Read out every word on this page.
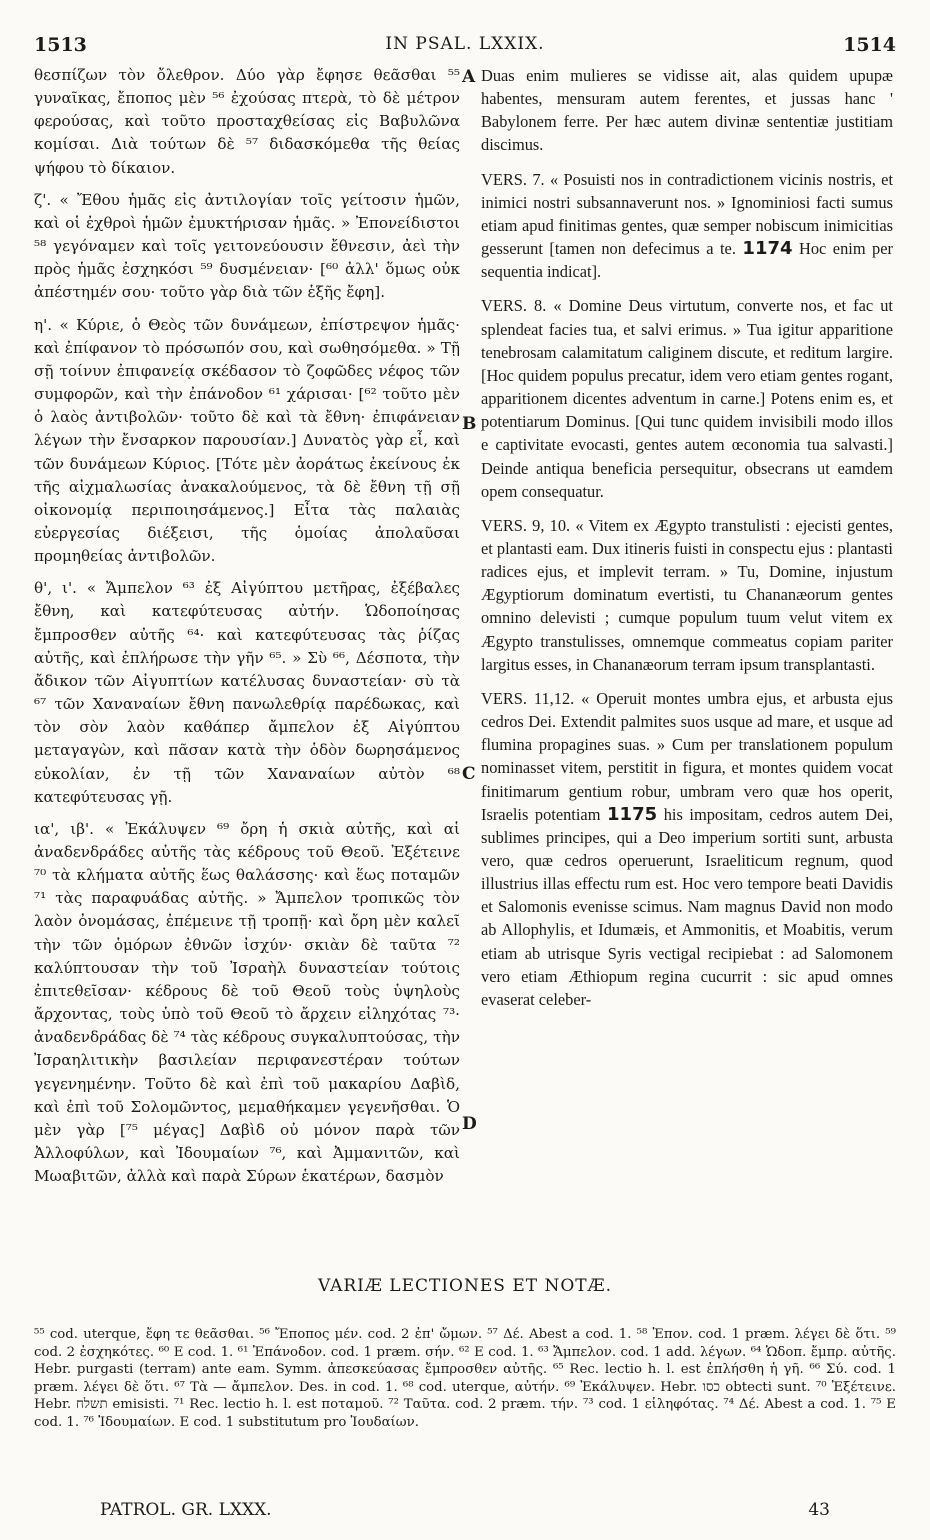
1513	IN PSAL. LXXIX.	1514

θεσπίζων τὸν ὄλεθρον. Δύο γὰρ ἔφησε θεᾶσθαι ⁵⁵ γυναῖκας, ἔποπος μὲν ⁵⁶ ἐχούσας πτερὰ, τὸ δὲ μέτρον φερούσας, καὶ τοῦτο προσταχθείσας εἰς Βαβυλῶνα κομίσαι. Διὰ τούτων δὲ ⁵⁷ διδασκόμεθα τῆς θείας ψήφου τὸ δίκαιον.

ζ'. « Ἔθου ἡμᾶς εἰς ἀντιλογίαν τοῖς γείτοσιν ἡμῶν, καὶ οἱ ἐχθροὶ ἡμῶν ἐμυκτήρισαν ἡμᾶς. » Ἐπονείδιστοι ⁵⁸ γεγόναμεν καὶ τοῖς γειτονεύουσιν ἔθνεσιν, ἀεὶ τὴν πρὸς ἡμᾶς ἐσχηκόσι ⁵⁹ δυσμένειαν· [⁶⁰ ἀλλ' ὅμως οὐκ ἀπέστημέν σου· τοῦτο γὰρ διὰ τῶν ἑξῆς ἔφη].

η'. « Κύριε, ὁ Θεὸς τῶν δυνάμεων, ἐπίστρεψον ἡμᾶς· καὶ ἐπίφανον τὸ πρόσωπόν σου, καὶ σωθησόμεθα. » Τῇ σῇ τοίνυν ἐπιφανείᾳ σκέδασον τὸ ζοφῶδες νέφος τῶν συμφορῶν, καὶ τὴν ἐπάνοδον ⁶¹ χάρισαι· [⁶² τοῦτο μὲν ὁ λαὸς ἀντιβολῶν· τοῦτο δὲ καὶ τὰ ἔθνη· ἐπιφάνειαν λέγων τὴν ἔνσαρκον παρουσίαν.] Δυνατὸς γὰρ εἶ, καὶ τῶν δυνάμεων Κύριος. [Τότε μὲν ἀοράτως ἐκείνους ἐκ τῆς αἰχμαλωσίας ἀνακαλούμενος, τὰ δὲ ἔθνη τῇ σῇ οἰκονομίᾳ περιποιησάμενος.] Εἶτα τὰς παλαιὰς εὐεργεσίας διέξεισι, τῆς ὁμοίας ἀπολαῦσαι προμηθείας ἀντιβολῶν.

θ', ι'. « Ἄμπελον ⁶³ ἐξ Αἰγύπτου μετῆρας, ἐξέβαλες ἔθνη, καὶ κατεφύτευσας αὐτήν. Ὡδοποίησας ἔμπροσθεν αὐτῆς ⁶⁴· καὶ κατεφύτευσας τὰς ῥίζας αὐτῆς, καὶ ἐπλήρωσε τὴν γῆν ⁶⁵. » Σὺ ⁶⁶, Δέσποτα, τὴν ἄδικον τῶν Αἰγυπτίων κατέλυσας δυναστείαν· σὺ τὰ ⁶⁷ τῶν Χαναναίων ἔθνη πανωλεθρίᾳ παρέδωκας, καὶ τὸν σὸν λαὸν καθάπερ ἄμπελον ἐξ Αἰγύπτου μεταγαγὼν, καὶ πᾶσαν κατὰ τὴν ὁδὸν δωρησάμενος εὐκολίαν, ἐν τῇ τῶν Χαναναίων αὐτὸν ⁶⁸ κατεφύτευσας γῇ.

ια', ιβ'. « Ἐκάλυψεν ⁶⁹ ὄρη ἡ σκιὰ αὐτῆς, καὶ αἱ ἀναδενδράδες αὐτῆς τὰς κέδρους τοῦ Θεοῦ. Ἐξέτεινε ⁷⁰ τὰ κλήματα αὐτῆς ἕως θαλάσσης· καὶ ἕως ποταμῶν ⁷¹ τὰς παραφυάδας αὐτῆς. » Ἄμπελον τροπικῶς τὸν λαὸν ὀνομάσας, ἐπέμεινε τῇ τροπῇ· καὶ ὄρη μὲν καλεῖ τὴν τῶν ὁμόρων ἐθνῶν ἰσχύν· σκιὰν δὲ ταῦτα ⁷² καλύπτουσαν τὴν τοῦ Ἰσραὴλ δυναστείαν τούτοις ἐπιτεθεῖσαν· κέδρους δὲ τοῦ Θεοῦ τοὺς ὑψηλοὺς ἄρχοντας, τοὺς ὑπὸ τοῦ Θεοῦ τὸ ἄρχειν εἰληχότας ⁷³· ἀναδενδράδας δὲ ⁷⁴ τὰς κέδρους συγκαλυπτούσας, τὴν Ἰσραηλιτικὴν βασιλείαν περιφανεστέραν τούτων γεγενημένην. Τοῦτο δὲ καὶ ἐπὶ τοῦ μακαρίου Δαβὶδ, καὶ ἐπὶ τοῦ Σολομῶντος, μεμαθήκαμεν γεγενῆσθαι. Ὁ μὲν γὰρ [⁷⁵ μέγας] Δαβὶδ οὐ μόνον παρὰ τῶν Ἀλλοφύλων, καὶ Ἰδουμαίων ⁷⁶, καὶ Ἀμμανιτῶν, καὶ Μωαβιτῶν, ἀλλὰ καὶ παρὰ Σύρων ἑκατέρων, δασμὸν

Duas enim mulieres se vidisse ait, alas quidem upupæ habentes, mensuram autem ferentes, et jussas hanc ' Babylonem ferre. Per hæc autem divinæ sententiæ justitiam discimus.

VERS. 7. « Posuisti nos in contradictionem vicinis nostris, et inimici nostri subsannaverunt nos. » Ignominiosi facti sumus etiam apud finitimas gentes, quæ semper nobiscum inimicitias gesserunt [tamen non defecimus a te. 1174 Hoc enim per sequentia indicat].

VERS. 8. « Domine Deus virtutum, converte nos, et fac ut splendeat facies tua, et salvi erimus. » Tua igitur apparitione tenebrosam calamitatum caliginem discute, et reditum largire. [Hoc quidem populus precatur, idem vero etiam gentes rogant, apparitionem dicentes adventum in carne.] Potens enim es, et potentiarum Dominus. [Qui tunc quidem invisibili modo illos e captivitate evocasti, gentes autem œconomia tua salvasti.] Deinde antiqua beneficia persequitur, obsecrans ut eamdem opem consequatur.

VERS. 9, 10. « Vitem ex Ægypto transtulisti : ejecisti gentes, et plantasti eam. Dux itineris fuisti in conspectu ejus : plantasti radices ejus, et implevit terram. » Tu, Domine, injustum Ægyptiorum dominatum evertisti, tu Chananæorum gentes omnino delevisti ; cumque populum tuum velut vitem ex Ægypto transtulisses, omnemque commeatus copiam pariter largitus esses, in Chananæorum terram ipsum transplantasti.

VERS. 11,12. « Operuit montes umbra ejus, et arbusta ejus cedros Dei. Extendit palmites suos usque ad mare, et usque ad flumina propagines suas. » Cum per translationem populum nominasset vitem, perstitit in figura, et montes quidem vocat finitimarum gentium robur, umbram vero quæ hos operit, Israelis potentiam 1175 his impositam, cedros autem Dei, sublimes principes, qui a Deo imperium sortiti sunt, arbusta vero, quæ cedros operuerunt, Israeliticum regnum, quod illustrius illas effectu rum est. Hoc vero tempore beati Davidis et Salomonis evenisse scimus. Nam magnus David non modo ab Allophylis, et Idumæis, et Ammonitis, et Moabitis, verum etiam ab utrisque Syris vectigal recipiebat : ad Salomonem vero etiam Æthiopum regina cucurrit : sic apud omnes evaserat celeber-

A
B
C
D
VARIÆ LECTIONES ET NOTÆ.
⁵⁵ cod. uterque, ἔφη τε θεᾶσθαι. ⁵⁶ Ἔποπος μέν. cod. 2 ἐπ' ὤμων. ⁵⁷ Δέ. Abest a cod. 1. ⁵⁸ Ἐπον. cod. 1 præm. λέγει δὲ ὅτι. ⁵⁹ cod. 2 ἐσχηκότες. ⁶⁰ E cod. 1. ⁶¹ Ἐπάνοδον. cod. 1 præm. σήν. ⁶² E cod. 1. ⁶³ Ἄμπελον. cod. 1 add. λέγων. ⁶⁴ Ὡδοπ. ἔμπρ. αὐτῆς. Hebr. purgasti (terram) ante eam. Symm. ἀπεσκεύασας ἔμπροσθεν αὐτῆς. ⁶⁵ Rec. lectio h. l. est ἐπλήσθη ἡ γῆ. ⁶⁶ Σύ. cod. 1 præm. λέγει δὲ ὅτι. ⁶⁷ Τὰ — ἄμπελον. Des. in cod. 1. ⁶⁸ cod. uterque, αὐτήν. ⁶⁹ Ἐκάλυψεν. Hebr. כסו obtecti sunt. ⁷⁰ Ἐξέτεινε. Hebr. תשלח emisisti. ⁷¹ Rec. lectio h. l. est ποταμοῦ. ⁷² Ταῦτα. cod. 2 præm. τήν. ⁷³ cod. 1 εἰληφότας. ⁷⁴ Δέ. Abest a cod. 1. ⁷⁵ E cod. 1. ⁷⁶ Ἰδουμαίων. E cod. 1 substitutum pro Ἰουδαίων.
PATROL. GR. LXXX.	43
